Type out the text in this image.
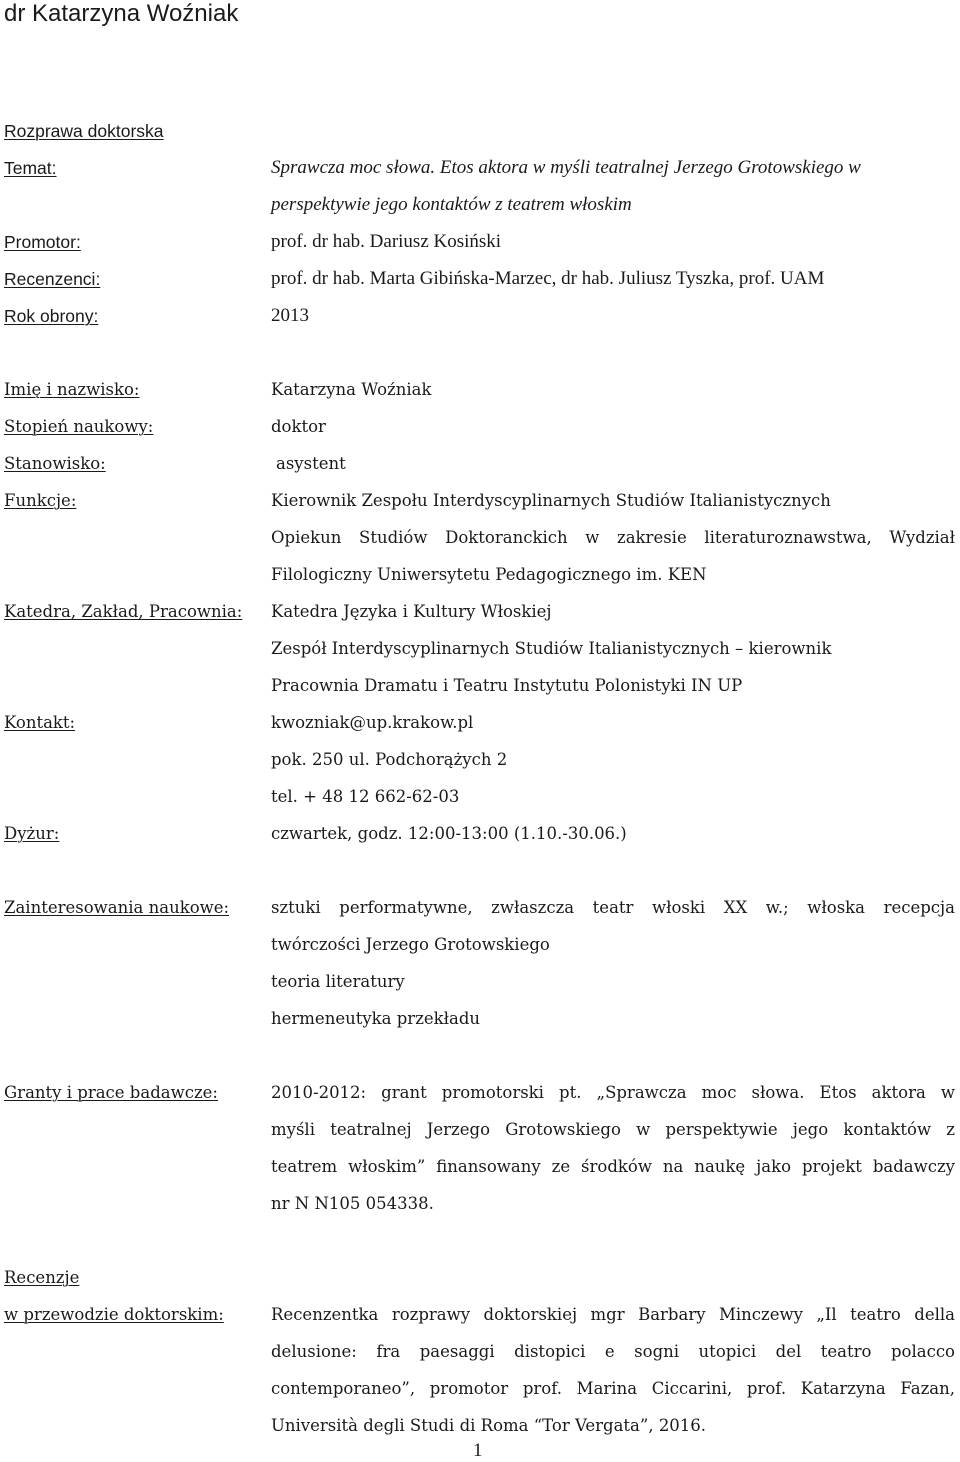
dr Katarzyna Woźniak
Rozprawa doktorska
Temat:	Sprawcza moc słowa. Etos aktora w myśli teatralnej Jerzego Grotowskiego w
perspektywie jego kontaktów z teatrem włoskim
Promotor:	prof. dr hab. Dariusz Kosiński
Recenzenci:	prof. dr hab. Marta Gibińska-Marzec, dr hab. Juliusz Tyszka, prof. UAM
Rok obrony:	2013
Imię i nazwisko:	Katarzyna Woźniak
Stopień naukowy:	doktor
Stanowisko:	asystent
Funkcje:	Kierownik Zespołu Interdyscyplinarnych Studiów Italianistycznych
Opiekun Studiów Doktoranckich w zakresie literaturoznawstwa, Wydział
Filologiczny Uniwersytetu Pedagogicznego im. KEN
Katedra, Zakład, Pracownia: Katedra Języka i Kultury Włoskiej
Zespół Interdyscyplinarnych Studiów Italianistycznych – kierownik
Pracownia Dramatu i Teatru Instytutu Polonistyki IN UP
Kontakt:	kwozniak@up.krakow.pl
pok. 250 ul. Podchorążych 2
tel. + 48 12 662-62-03
Dyżur:	czwartek, godz. 12:00-13:00 (1.10.-30.06.)
Zainteresowania naukowe:	sztuki performatywne, zwłaszcza teatr włoski XX w.; włoska recepcja
twórczości Jerzego Grotowskiego
teoria literatury
hermeneutyka przekładu
Granty i prace badawcze:	2010-2012: grant promotorski pt. „Sprawcza moc słowa. Etos aktora w
myśli teatralnej Jerzego Grotowskiego w perspektywie jego kontaktów z
teatrem włoskim” finansowany ze środków na naukę jako projekt badawczy
nr N N105 054338.
Recenzje
w przewodzie doktorskim:	Recenzentka rozprawy doktorskiej mgr Barbary Minczewy „Il teatro della
delusione: fra paesaggi distopici e sogni utopici del teatro polacco
contemporaneo”, promotor prof. Marina Ciccarini, prof. Katarzyna Fazan,
Università degli Studi di Roma “Tor Vergata”, 2016.
1
